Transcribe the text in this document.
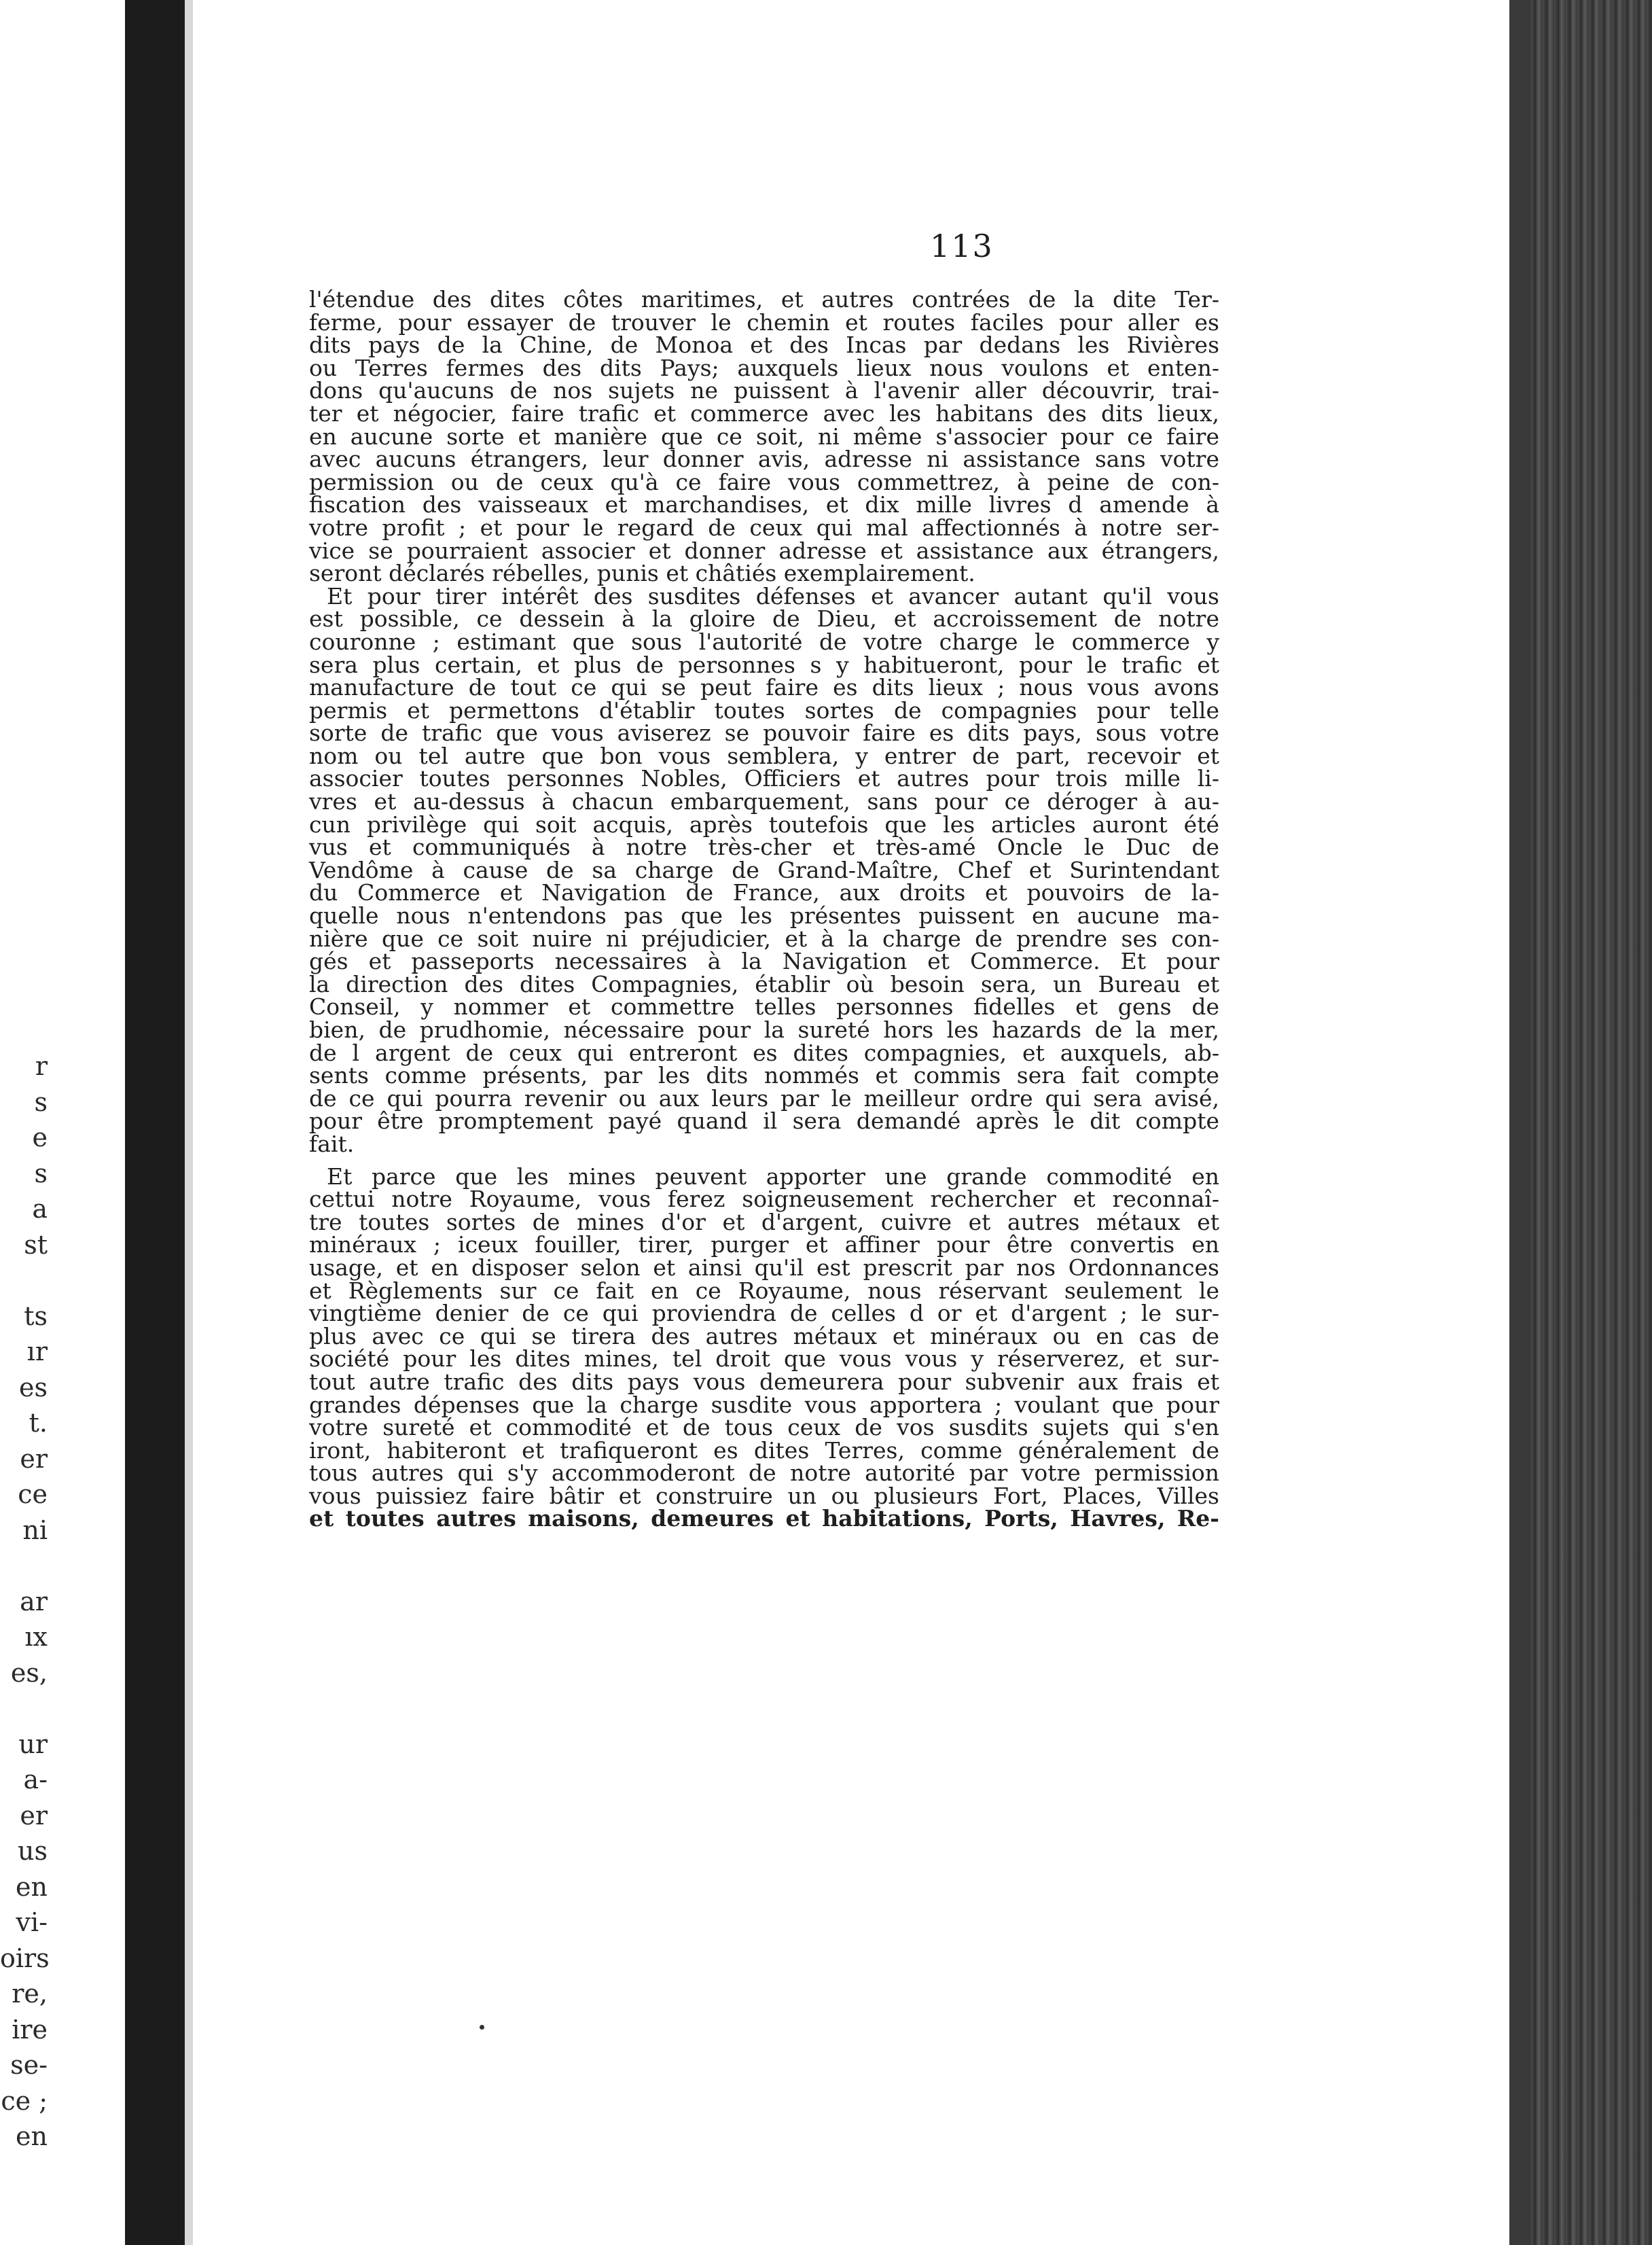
r
s
e
s
a
st
ts
ır
es
t.
er
ce
ni
ar
ıx
es,
ur
a-
er
us
en
vi-
oirs
re,
ire
se-
ce ;
en
113
l'étendue des dites côtes maritimes, et autres contrées de la dite Ter-
ferme, pour essayer de trouver le chemin et routes faciles pour aller es
dits pays de la Chine, de Monoa et des Incas par dedans les Rivières
ou Terres fermes des dits Pays; auxquels lieux nous voulons et enten-
dons qu'aucuns de nos sujets ne puissent à l'avenir aller découvrir, trai-
ter et négocier, faire trafic et commerce avec les habitans des dits lieux,
en aucune sorte et manière que ce soit, ni même s'associer pour ce faire
avec aucuns étrangers, leur donner avis, adresse ni assistance sans votre
permission ou de ceux qu'à ce faire vous commettrez, à peine de con-
fiscation des vaisseaux et marchandises, et dix mille livres d amende à
votre profit ; et pour le regard de ceux qui mal affectionnés à notre ser-
vice se pourraient associer et donner adresse et assistance aux étrangers,
seront déclarés rébelles, punis et châtiés exemplairement.
Et pour tirer intérêt des susdites défenses et avancer autant qu'il vous
est possible, ce dessein à la gloire de Dieu, et accroissement de notre
couronne ; estimant que sous l'autorité de votre charge le commerce y
sera plus certain, et plus de personnes s y habitueront, pour le trafic et
manufacture de tout ce qui se peut faire es dits lieux ; nous vous avons
permis et permettons d'établir toutes sortes de compagnies pour telle
sorte de trafic que vous aviserez se pouvoir faire es dits pays, sous votre
nom ou tel autre que bon vous semblera, y entrer de part, recevoir et
associer toutes personnes Nobles, Officiers et autres pour trois mille li-
vres et au-dessus à chacun embarquement, sans pour ce déroger à au-
cun privilège qui soit acquis, après toutefois que les articles auront été
vus et communiqués à notre très-cher et très-amé Oncle le Duc de
Vendôme à cause de sa charge de Grand-Maître, Chef et Surintendant
du Commerce et Navigation de France, aux droits et pouvoirs de la-
quelle nous n'entendons pas que les présentes puissent en aucune ma-
nière que ce soit nuire ni préjudicier, et à la charge de prendre ses con-
gés et passeports necessaires à la Navigation et Commerce. Et pour
la direction des dites Compagnies, établir où besoin sera, un Bureau et
Conseil, y nommer et commettre telles personnes fidelles et gens de
bien, de prudhomie, nécessaire pour la sureté hors les hazards de la mer,
de l argent de ceux qui entreront es dites compagnies, et auxquels, ab-
sents comme présents, par les dits nommés et commis sera fait compte
de ce qui pourra revenir ou aux leurs par le meilleur ordre qui sera avisé,
pour être promptement payé quand il sera demandé après le dit compte
fait.
Et parce que les mines peuvent apporter une grande commodité en
cettui notre Royaume, vous ferez soigneusement rechercher et reconnaî-
tre toutes sortes de mines d'or et d'argent, cuivre et autres métaux et
minéraux ; iceux fouiller, tirer, purger et affiner pour être convertis en
usage, et en disposer selon et ainsi qu'il est prescrit par nos Ordonnances
et Règlements sur ce fait en ce Royaume, nous réservant seulement le
vingtième denier de ce qui proviendra de celles d or et d'argent ; le sur-
plus avec ce qui se tirera des autres métaux et minéraux ou en cas de
société pour les dites mines, tel droit que vous vous y réserverez, et sur-
tout autre trafic des dits pays vous demeurera pour subvenir aux frais et
grandes dépenses que la charge susdite vous apportera ; voulant que pour
votre sureté et commodité et de tous ceux de vos susdits sujets qui s'en
iront, habiteront et trafiqueront es dites Terres, comme généralement de
tous autres qui s'y accommoderont de notre autorité par votre permission
vous puissiez faire bâtir et construire un ou plusieurs Fort, Places, Villes
et toutes autres maisons, demeures et habitations, Ports, Havres, Re-
